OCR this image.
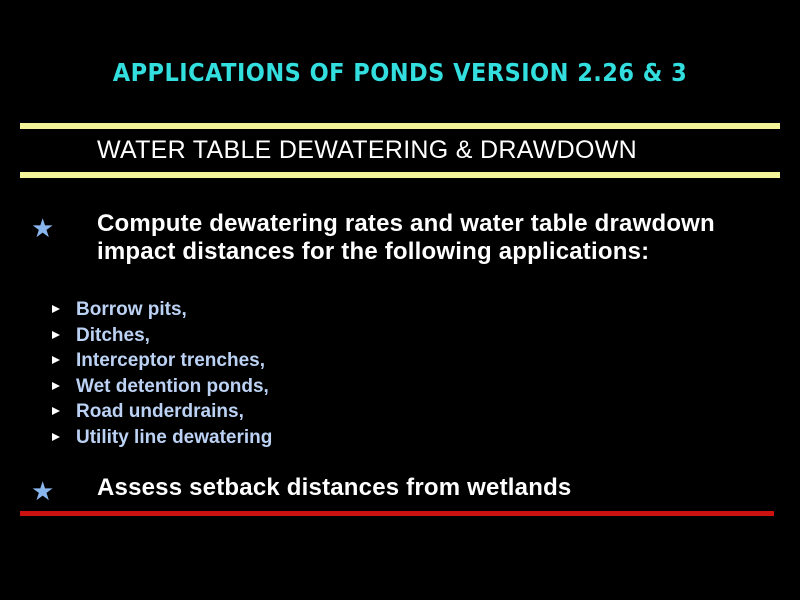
APPLICATIONS OF PONDS VERSION 2.26 & 3
WATER TABLE DEWATERING & DRAWDOWN
★ Compute dewatering rates and water table drawdown impact distances for the following applications:
Borrow pits,
Ditches,
Interceptor trenches,
Wet detention ponds,
Road underdrains,
Utility line dewatering
★ Assess setback distances from wetlands
